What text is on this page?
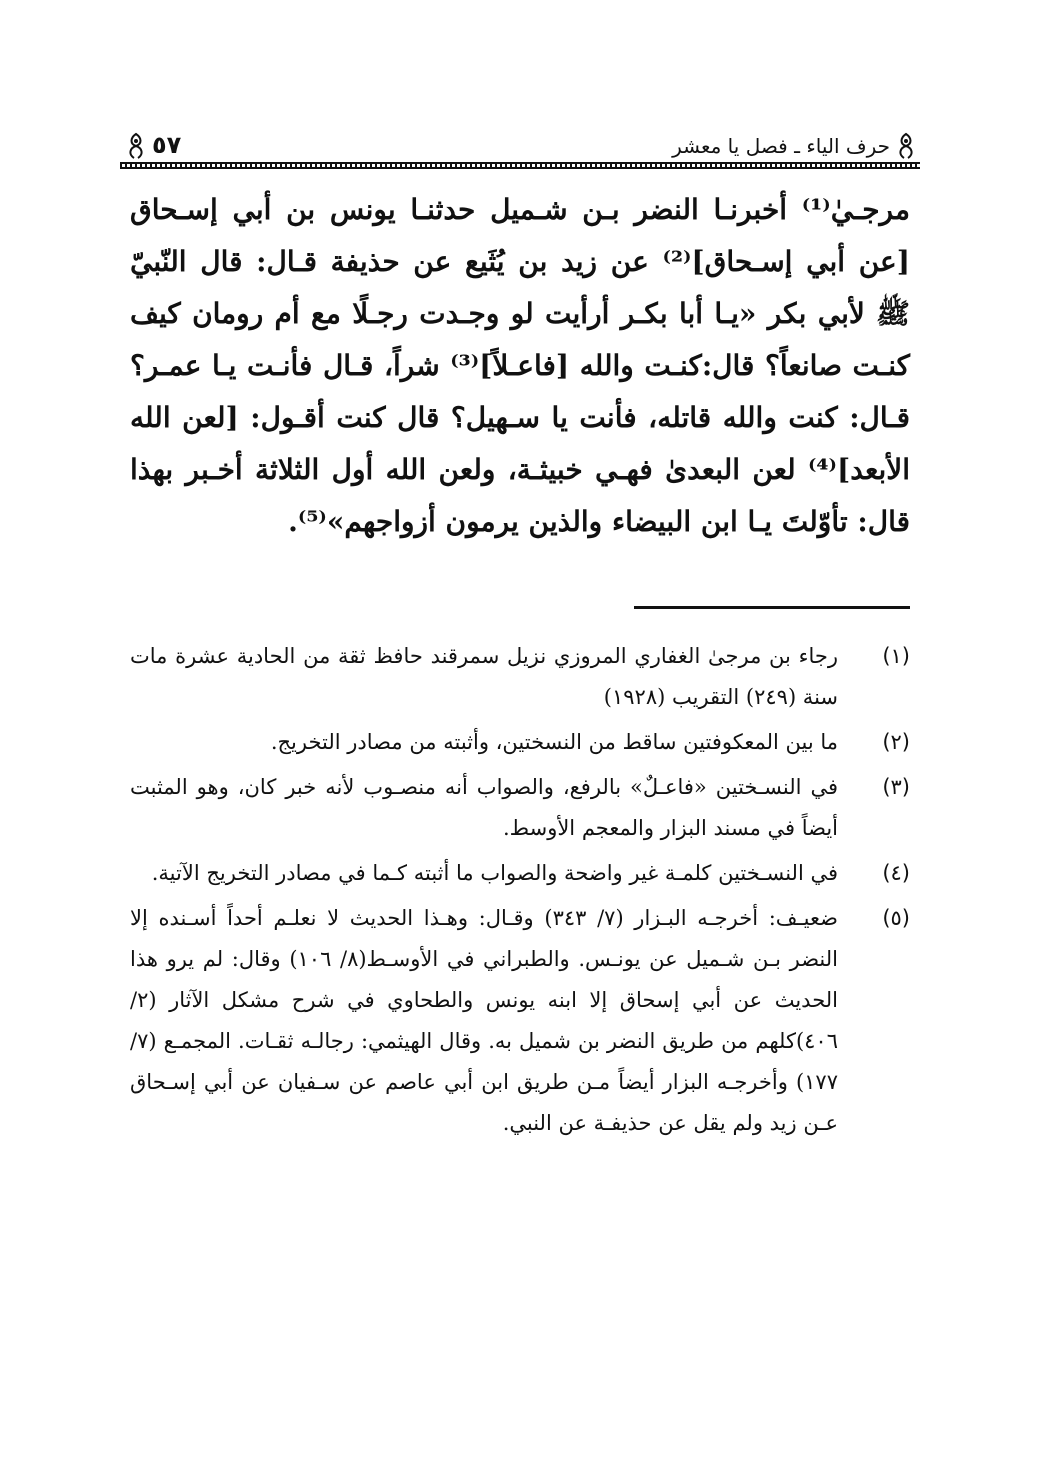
حرف الياء ـ فصل يا معشر
٥٧

مرجـيٰ⁽¹⁾ أخبرنـا النضر بـن شـميل حدثنـا يونس بن أبي إسـحاق [عن أبي إسـحاق]⁽²⁾ عن زيد بن يُثَيع عن حذيفة قـال: قال النّبيّ ﷺ لأبي بكر «يـا أبا بكـر أرأيت لو وجـدت رجـلًا مع أم رومان كيف كنـت صانعاً؟ قال:كنـت والله [فاعـلاً]⁽³⁾ شراً، قـال فأنـت يـا عمـر؟ قـال: كنت والله قاتله، فأنت يا سـهيل؟ قال كنت أقـول: [لعن الله الأبعد]⁽⁴⁾ لعن البعدىٰ فهـي خبيثـة، ولعن الله أول الثلاثة أخـبر بهذا قال: تأوّلتَ يـا ابن البيضاء والذين يرمون أزواجهم»⁽⁵⁾.

(١)
رجاء بن مرجىٰ الغفاري المروزي نزيل سمرقند حافظ ثقة من الحادية عشرة مات سنة (٢٤٩) التقريب (١٩٢٨)
(٢)
ما بين المعكوفتين ساقط من النسختين، وأثبته من مصادر التخريج.
(٣)
في النسـختين «فاعـلٌ» بالرفع، والصواب أنه منصـوب لأنه خبر كان، وهو المثبت أيضاً في مسند البزار والمعجم الأوسط.
(٤)
في النسـختين كلمـة غير واضحة والصواب ما أثبته كـما في مصادر التخريج الآتية.
(٥)
ضعيـف: أخرجـه البـزار (٧/ ٣٤٣) وقـال: وهـذا الحديث لا نعلـم أحداً أسـنده إلا النضر بـن شـميل عن يونـس. والطبراني في الأوسـط(٨/ ١٠٦) وقال: لم يرو هذا الحديث عن أبي إسحاق إلا ابنه يونس والطحاوي في شرح مشكل الآثار (٢/ ٤٠٦)كلهم من طريق النضر بن شميل به. وقال الهيثمي: رجالـه ثقـات. المجمـع (٧/ ١٧٧) وأخرجـه البزار أيضاً مـن طريق ابن أبي عاصم عن سـفيان عن أبي إسـحاق عـن زيد ولم يقل عن حذيفـة عن النبي.
